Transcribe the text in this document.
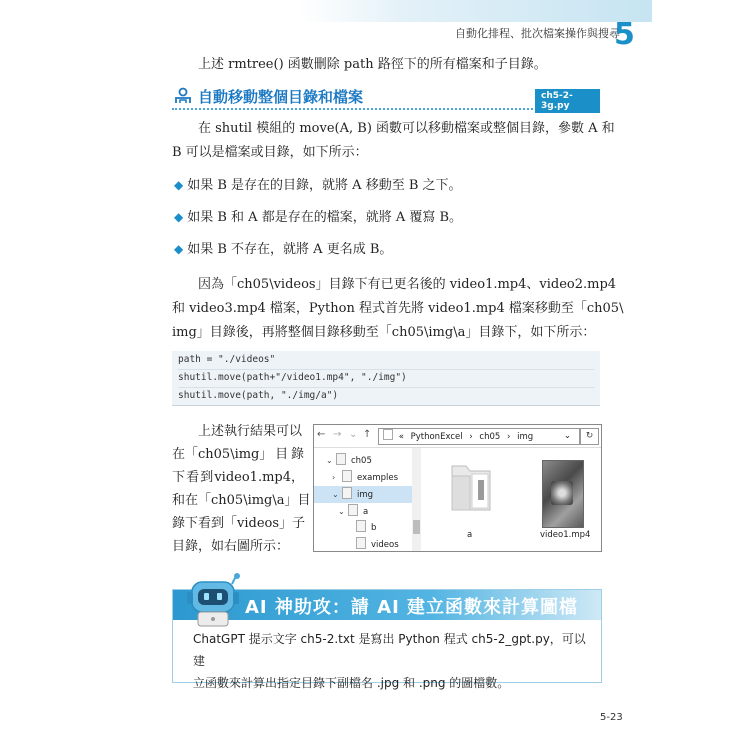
自動化排程、批次檔案操作與搜尋
5

上述 rmtree() 函數刪除 path 路徑下的所有檔案和子目錄。

自動移動整個目錄和檔案	ch5-2-3g.py

在 shutil 模組的 move(A, B) 函數可以移動檔案或整個目錄，參數 A 和

B 可以是檔案或目錄，如下所示：

◆ 如果 B 是存在的目錄，就將 A 移動至 B 之下。
◆ 如果 B 和 A 都是存在的檔案，就將 A 覆寫 B。
◆ 如果 B 不存在，就將 A 更名成 B。

因為「ch05\videos」目錄下有已更名後的 video1.mp4、video2.mp4

和 video3.mp4 檔案，Python 程式首先將 video1.mp4 檔案移動至「ch05\

img」目錄後，再將整個目錄移動至「ch05\img\a」目錄下，如下所示：

path = "./videos"
shutil.move(path+"/video1.mp4", "./img")
shutil.move(path, "./img/a")
上述執行結果可以
在「ch05\img」 目 錄
下 看 到 video1.mp4，
和在「ch05\img\a」目
錄下看到「videos」 子
目錄，如右圖所示：
← → ⌄ ↑	« PythonExcel › ch05 › img	⌄	↻
⌄ ch05
›	examples
⌄ img
⌄ a
b
videos
a	video1.mp4
AI 神助攻：請 AI 建立函數來計算圖檔
ChatGPT 提示文字 ch5-2.txt 是寫出 Python 程式 ch5-2_gpt.py，可以建
立函數來計算出指定目錄下副檔名 .jpg 和 .png 的圖檔數。
5-23
